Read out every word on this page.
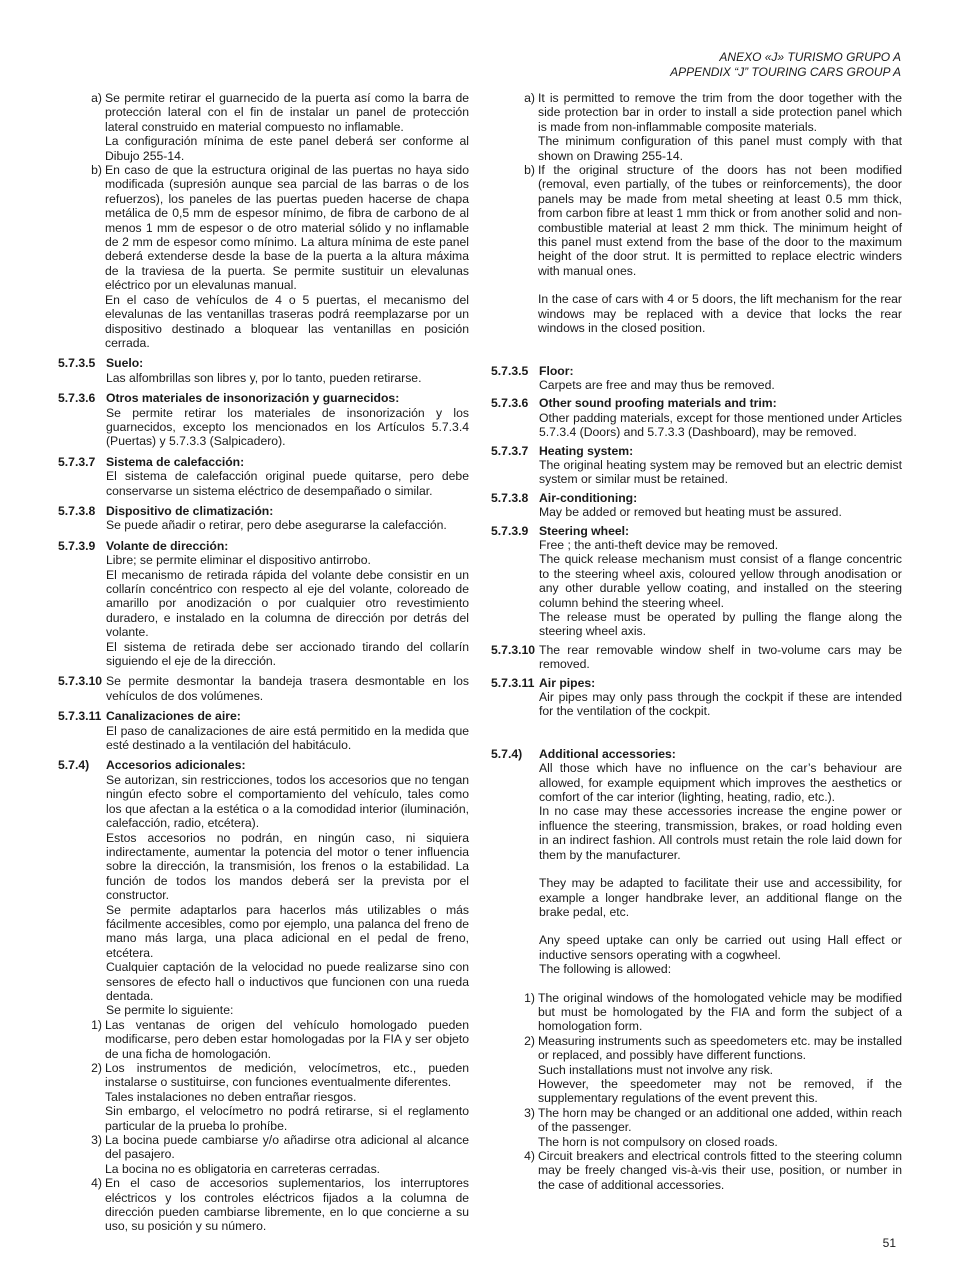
ANEXO «J» TURISMO GRUPO A
APPENDIX “J” TOURING CARS GROUP A
a) Se permite retirar el guarnecido de la puerta así como la barra de protección lateral con el fin de instalar un panel de protección lateral construido en material compuesto no inflamable.

La configuración mínima de este panel deberá ser conforme al Dibujo 255-14.

b) En caso de que la estructura original de las puertas no haya sido modificada (supresión aunque sea parcial de las barras o de los refuerzos), los paneles de las puertas pueden hacerse de chapa metálica de 0,5 mm de espesor mínimo, de fibra de carbono de al menos 1 mm de espesor o de otro material sólido y no inflamable de 2 mm de espesor como mínimo. La altura mínima de este panel deberá extenderse desde la base de la puerta a la altura máxima de la traviesa de la puerta. Se permite sustituir un elevalunas eléctrico por un elevalunas manual.

En el caso de vehículos de 4 o 5 puertas, el mecanismo del elevalunas de las ventanillas traseras podrá reemplazarse por un dispositivo destinado a bloquear las ventanillas en posición cerrada.

5.7.3.5 Suelo:

Las alfombrillas son libres y, por lo tanto, pueden retirarse.

5.7.3.6 Otros materiales de insonorización y guarnecidos:

Se permite retirar los materiales de insonorización y los guarnecidos, excepto los mencionados en los Artículos 5.7.3.4 (Puertas) y 5.7.3.3 (Salpicadero).

5.7.3.7 Sistema de calefacción:

El sistema de calefacción original puede quitarse, pero debe conservarse un sistema eléctrico de desempañado o similar.

5.7.3.8 Dispositivo de climatización:

Se puede añadir o retirar, pero debe asegurarse la calefacción.

5.7.3.9 Volante de dirección:

Libre; se permite eliminar el dispositivo antirrobo.

El mecanismo de retirada rápida del volante debe consistir en un collarín concéntrico con respecto al eje del volante, coloreado de amarillo por anodización o por cualquier otro revestimiento duradero, e instalado en la columna de dirección por detrás del volante.

El sistema de retirada debe ser accionado tirando del collarín siguiendo el eje de la dirección.

5.7.3.10 Se permite desmontar la bandeja trasera desmontable en los vehículos de dos volúmenes.

5.7.3.11 Canalizaciones de aire:

El paso de canalizaciones de aire está permitido en la medida que esté destinado a la ventilación del habitáculo.

5.7.4)	Accesorios adicionales:

Se autorizan, sin restricciones, todos los accesorios que no tengan ningún efecto sobre el comportamiento del vehículo, tales como los que afectan a la estética o a la comodidad interior (iluminación, calefacción, radio, etcétera).

Estos accesorios no podrán, en ningún caso, ni siquiera indirectamente, aumentar la potencia del motor o tener influencia sobre la dirección, la transmisión, los frenos o la estabilidad. La función de todos los mandos deberá ser la prevista por el constructor.

Se permite adaptarlos para hacerlos más utilizables o más fácilmente accesibles, como por ejemplo, una palanca del freno de mano más larga, una placa adicional en el pedal de freno, etcétera.

Cualquier captación de la velocidad no puede realizarse sino con sensores de efecto hall o inductivos que funcionen con una rueda dentada.

Se permite lo siguiente:

1) Las ventanas de origen del vehículo homologado pueden modificarse, pero deben estar homologadas por la FIA y ser objeto de una ficha de homologación.

2) Los instrumentos de medición, velocímetros, etc., pueden instalarse o sustituirse, con funciones eventualmente diferentes.

Tales instalaciones no deben entrañar riesgos.

Sin embargo, el velocímetro no podrá retirarse, si el reglamento particular de la prueba lo prohíbe.

3) La bocina puede cambiarse y/o añadirse otra adicional al alcance del pasajero.

La bocina no es obligatoria en carreteras cerradas.

4) En el caso de accesorios suplementarios, los interruptores eléctricos y los controles eléctricos fijados a la columna de dirección pueden cambiarse libremente, en lo que concierne a su uso, su posición y su número.

a) It is permitted to remove the trim from the door together with the side protection bar in order to install a side protection panel which is made from non-inflammable composite materials.

The minimum configuration of this panel must comply with that shown on Drawing 255-14.

b) If the original structure of the doors has not been modified (removal, even partially, of the tubes or reinforcements), the door panels may be made from metal sheeting at least 0.5 mm thick, from carbon fibre at least 1 mm thick or from another solid and non-combustible material at least 2 mm thick. The minimum height of this panel must extend from the base of the door to the maximum height of the door strut. It is permitted to replace electric winders with manual ones.

In the case of cars with 4 or 5 doors, the lift mechanism for the rear windows may be replaced with a device that locks the rear windows in the closed position.

5.7.3.5 Floor:

Carpets are free and may thus be removed.

5.7.3.6 Other sound proofing materials and trim:

Other padding materials, except for those mentioned under Articles 5.7.3.4 (Doors) and 5.7.3.3 (Dashboard), may be removed.

5.7.3.7 Heating system:

The original heating system may be removed but an electric demist system or similar must be retained.

5.7.3.8 Air-conditioning:

May be added or removed but heating must be assured.

5.7.3.9 Steering wheel:

Free ; the anti-theft device may be removed.

The quick release mechanism must consist of a flange concentric to the steering wheel axis, coloured yellow through anodisation or any other durable yellow coating, and installed on the steering column behind the steering wheel.

The release must be operated by pulling the flange along the steering wheel axis.

5.7.3.10 The rear removable window shelf in two-volume cars may be removed.

5.7.3.11 Air pipes:

Air pipes may only pass through the cockpit if these are intended for the ventilation of the cockpit.

5.7.4)	Additional accessories:

All those which have no influence on the car’s behaviour are allowed, for example equipment which improves the aesthetics or comfort of the car interior (lighting, heating, radio, etc.).

In no case may these accessories increase the engine power or influence the steering, transmission, brakes, or road holding even in an indirect fashion. All controls must retain the role laid down for them by the manufacturer.

They may be adapted to facilitate their use and accessibility, for example a longer handbrake lever, an additional flange on the brake pedal, etc.

Any speed uptake can only be carried out using Hall effect or inductive sensors operating with a cogwheel.

The following is allowed:

1) The original windows of the homologated vehicle may be modified but must be homologated by the FIA and form the subject of a homologation form.

2) Measuring instruments such as speedometers etc. may be installed or replaced, and possibly have different functions.

Such installations must not involve any risk.

However, the speedometer may not be removed, if the supplementary regulations of the event prevent this.

3) The horn may be changed or an additional one added, within reach of the passenger.

The horn is not compulsory on closed roads.

4) Circuit breakers and electrical controls fitted to the steering column may be freely changed vis-à-vis their use, position, or number in the case of additional accessories.

51
